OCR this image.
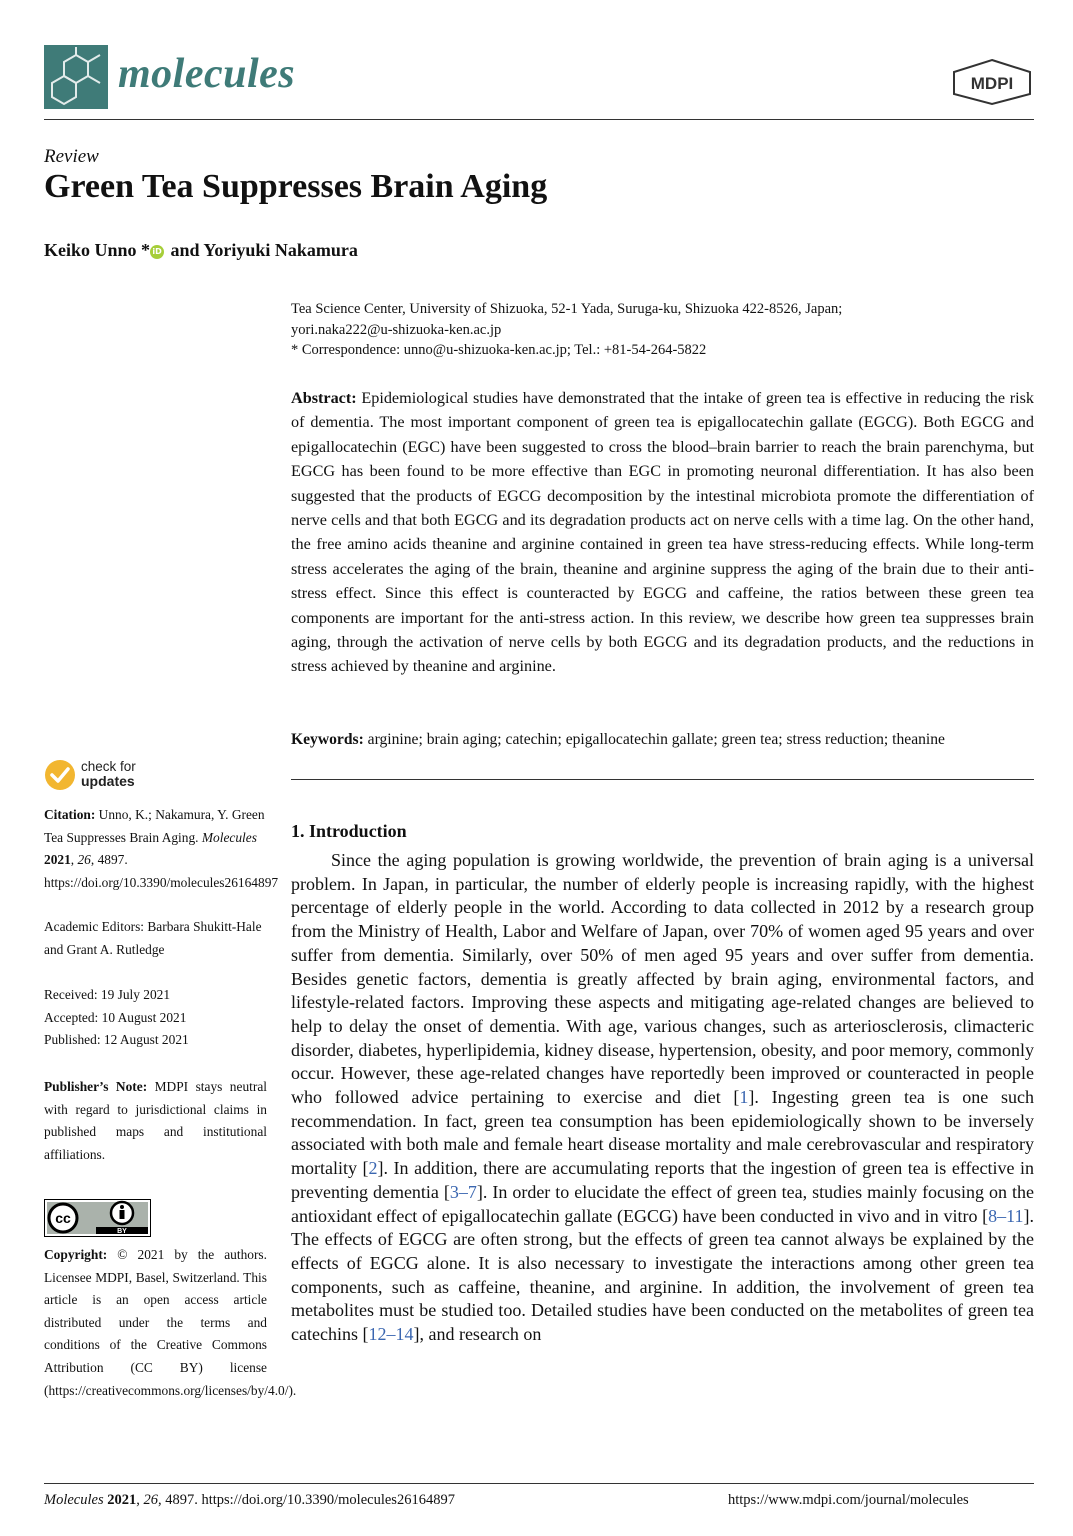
molecules	MDPI
Review
Green Tea Suppresses Brain Aging
Keiko Unno * iD and Yoriyuki Nakamura
Tea Science Center, University of Shizuoka, 52-1 Yada, Suruga-ku, Shizuoka 422-8526, Japan;
yori.naka222@u-shizuoka-ken.ac.jp
* Correspondence: unno@u-shizuoka-ken.ac.jp; Tel.: +81-54-264-5822
Abstract: Epidemiological studies have demonstrated that the intake of green tea is effective in reducing the risk of dementia. The most important component of green tea is epigallocatechin gallate (EGCG). Both EGCG and epigallocatechin (EGC) have been suggested to cross the blood–brain barrier to reach the brain parenchyma, but EGCG has been found to be more effective than EGC in promoting neuronal differentiation. It has also been suggested that the products of EGCG decomposition by the intestinal microbiota promote the differentiation of nerve cells and that both EGCG and its degradation products act on nerve cells with a time lag. On the other hand, the free amino acids theanine and arginine contained in green tea have stress-reducing effects. While long-term stress accelerates the aging of the brain, theanine and arginine suppress the aging of the brain due to their anti-stress effect. Since this effect is counteracted by EGCG and caffeine, the ratios between these green tea components are important for the anti-stress action. In this review, we describe how green tea suppresses brain aging, through the activation of nerve cells by both EGCG and its degradation products, and the reductions in stress achieved by theanine and arginine.
Keywords: arginine; brain aging; catechin; epigallocatechin gallate; green tea; stress reduction; theanine
check for
updates
Citation: Unno, K.; Nakamura, Y. Green Tea Suppresses Brain Aging. Molecules 2021, 26, 4897. https://doi.org/10.3390/molecules26164897
Academic Editors: Barbara Shukitt-Hale and Grant A. Rutledge
Received: 19 July 2021
Accepted: 10 August 2021
Published: 12 August 2021
Publisher’s Note: MDPI stays neutral with regard to jurisdictional claims in published maps and institutional affiliations.
cc
BY
Copyright: © 2021 by the authors. Licensee MDPI, Basel, Switzerland. This article is an open access article distributed under the terms and conditions of the Creative Commons Attribution (CC BY) license (https://creativecommons.org/licenses/by/4.0/).
1. Introduction

Since the aging population is growing worldwide, the prevention of brain aging is a universal problem. In Japan, in particular, the number of elderly people is increasing rapidly, with the highest percentage of elderly people in the world. According to data collected in 2012 by a research group from the Ministry of Health, Labor and Welfare of Japan, over 70% of women aged 95 years and over suffer from dementia. Similarly, over 50% of men aged 95 years and over suffer from dementia. Besides genetic factors, dementia is greatly affected by brain aging, environmental factors, and lifestyle-related factors. Improving these aspects and mitigating age-related changes are believed to help to delay the onset of dementia. With age, various changes, such as arteriosclerosis, climacteric disorder, diabetes, hyperlipidemia, kidney disease, hypertension, obesity, and poor memory, commonly occur. However, these age-related changes have reportedly been improved or counteracted in people who followed advice pertaining to exercise and diet [1]. Ingesting green tea is one such recommendation. In fact, green tea consumption has been epidemiologically shown to be inversely associated with both male and female heart disease mortality and male cerebrovascular and respiratory mortality [2]. In addition, there are accumulating reports that the ingestion of green tea is effective in preventing dementia [3–7]. In order to elucidate the effect of green tea, studies mainly focusing on the antioxidant effect of epigallocatechin gallate (EGCG) have been conducted in vivo and in vitro [8–11]. The effects of EGCG are often strong, but the effects of green tea cannot always be explained by the effects of EGCG alone. It is also necessary to investigate the interactions among other green tea components, such as caffeine, theanine, and arginine. In addition, the involvement of green tea metabolites must be studied too. Detailed studies have been conducted on the metabolites of green tea catechins [12–14], and research on

Molecules 2021, 26, 4897. https://doi.org/10.3390/molecules26164897	https://www.mdpi.com/journal/molecules
